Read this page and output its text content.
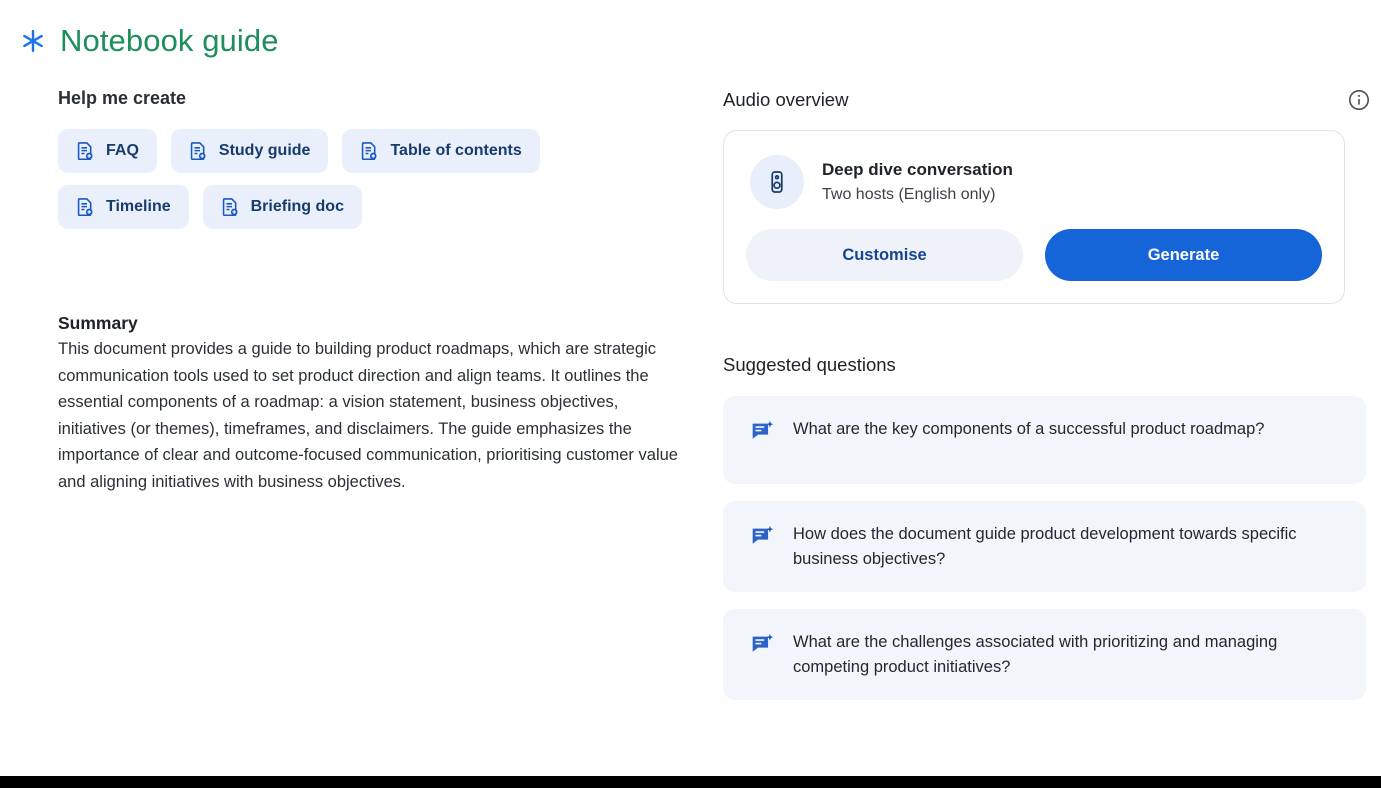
Notebook guide
Help me create
FAQ	Study guide	Table of contents
Timeline	Briefing doc
Summary

This document provides a guide to building product roadmaps, which are strategic communication tools used to set product direction and align teams. It outlines the essential components of a roadmap: a vision statement, business objectives, initiatives (or themes), timeframes, and disclaimers. The guide emphasizes the importance of clear and outcome-focused communication, prioritising customer value and aligning initiatives with business objectives.

Audio overview
Deep dive conversation
Two hosts (English only)
Customise	Generate
Suggested questions
What are the key components of a successful product roadmap?
How does the document guide product development towards specific business objectives?
What are the challenges associated with prioritizing and managing competing product initiatives?
